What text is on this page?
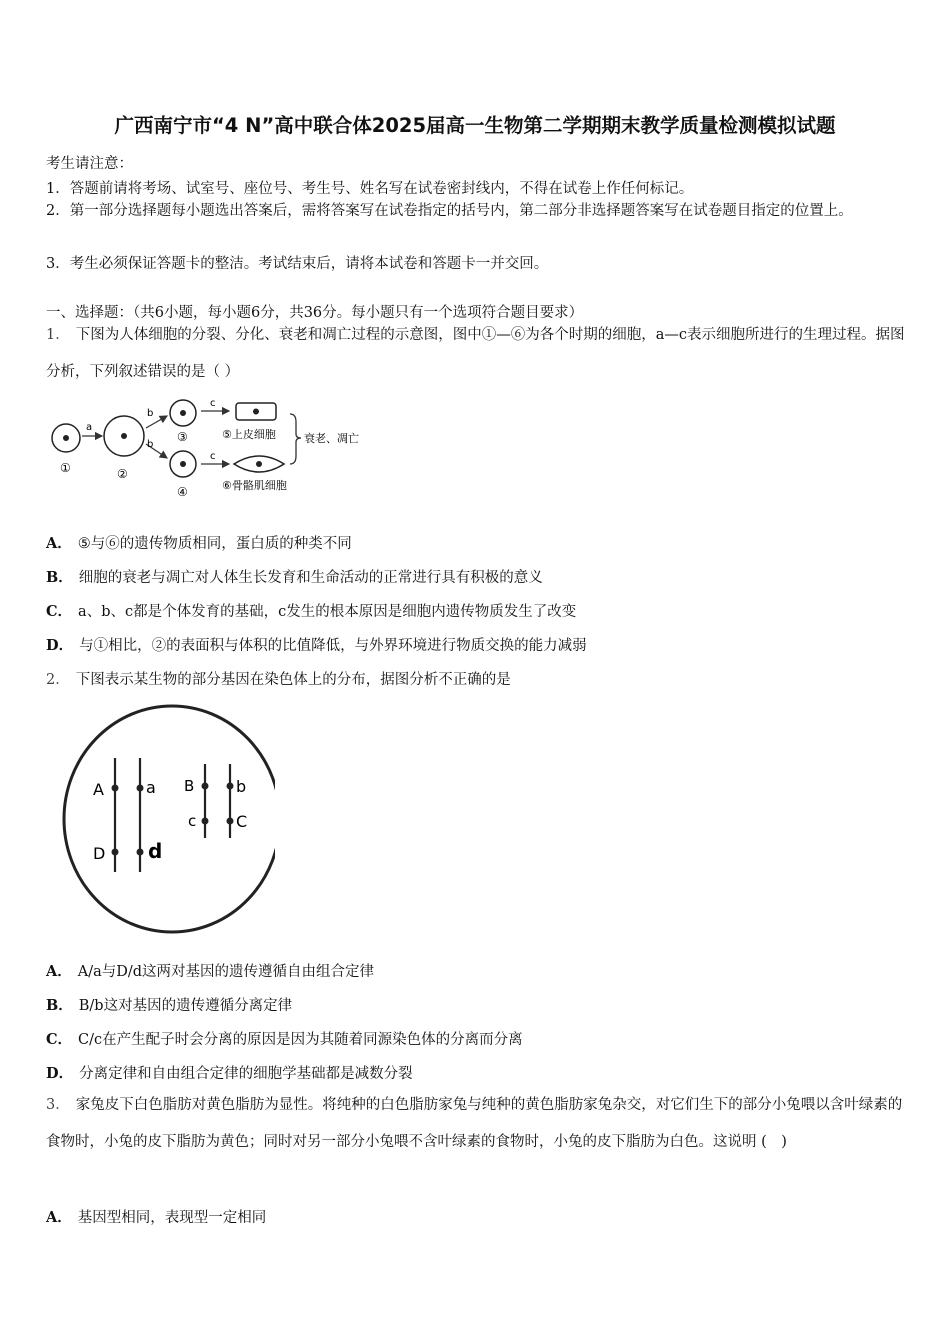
广西南宁市“4 N”高中联合体2025届高一生物第二学期期末教学质量检测模拟试题
考生请注意：
1．答题前请将考场、试室号、座位号、考生号、姓名写在试卷密封线内，不得在试卷上作任何标记。
2．第一部分选择题每小题选出答案后，需将答案写在试卷指定的括号内，第二部分非选择题答案写在试卷题目指定的位置上。
3．考生必须保证答题卡的整洁。考试结束后，请将本试卷和答题卡一并交回。
一、选择题：（共6小题，每小题6分，共36分。每小题只有一个选项符合题目要求）
1． 下图为人体细胞的分裂、分化、衰老和凋亡过程的示意图，图中①—⑥为各个时期的细胞，a—c表示细胞所进行的生理过程。据图分析，下列叙述错误的是（ ）
①
a
②
b
b
③
④
c
c
⑤上皮细胞
⑥骨骼肌细胞
衰老、凋亡
A． ⑤与⑥的遗传物质相同，蛋白质的种类不同
B． 细胞的衰老与凋亡对人体生长发育和生命活动的正常进行具有积极的意义
C． a、b、c都是个体发育的基础，c发生的根本原因是细胞内遗传物质发生了改变
D． 与①相比，②的表面积与体积的比值降低，与外界环境进行物质交换的能力减弱
2． 下图表示某生物的部分基因在染色体上的分布，据图分析不正确的是
A	a
D d
B	b
c C
A． A/a与D/d这两对基因的遗传遵循自由组合定律
B． B/b这对基因的遗传遵循分离定律
C． C/c在产生配子时会分离的原因是因为其随着同源染色体的分离而分离
D． 分离定律和自由组合定律的细胞学基础都是减数分裂
3． 家兔皮下白色脂肪对黄色脂肪为显性。将纯种的白色脂肪家兔与纯种的黄色脂肪家兔杂交，对它们生下的部分小兔喂以含叶绿素的食物时，小兔的皮下脂肪为黄色；同时对另一部分小兔喂不含叶绿素的食物时，小兔的皮下脂肪为白色。这说明 (　)
A． 基因型相同，表现型一定相同
